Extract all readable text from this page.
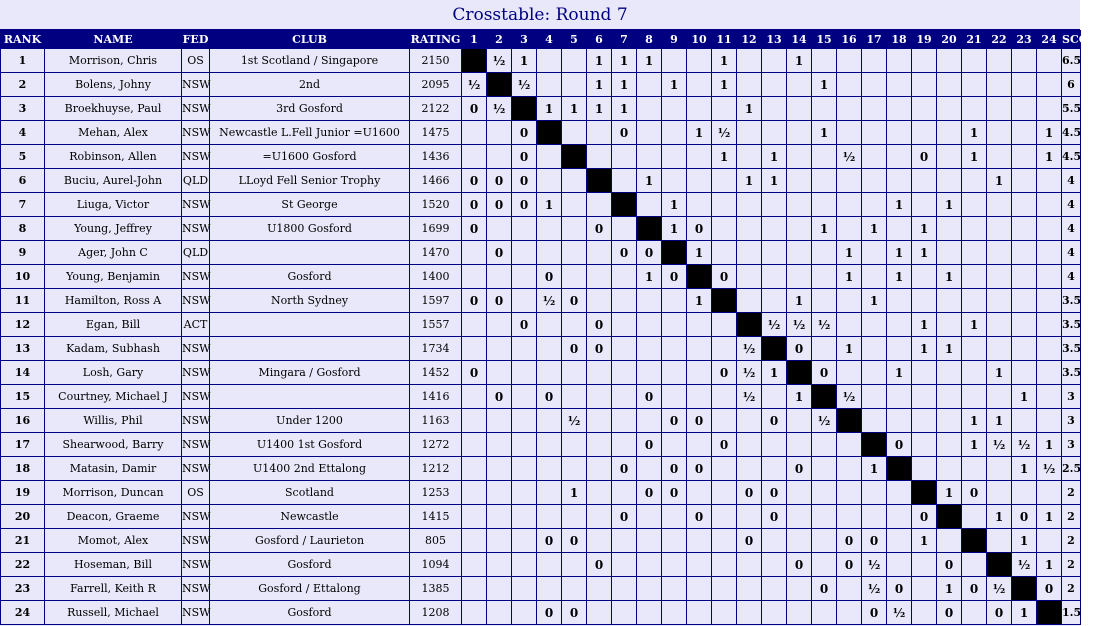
Crosstable: Round 7
RANK	NAME	FED	CLUB	RATING	1	2	3	4	5	6	7	8	9	10	11	12	13	14	15	16	17	18	19	20	21	22	23	24	SCORE
1	Morrison, Chris	OS	1st Scotland / Singapore	2150		½	1			1	1	1			1			1											6.5
2	Bolens, Johny	NSW	2nd	2095	½		½			1	1		1		1				1										6
3	Broekhuyse, Paul	NSW	3rd Gosford	2122	0	½		1	1	1	1					1													5.5
4	Mehan, Alex	NSW	Newcastle L.Fell Junior =U1600	1475			0				0			1	½				1						1			1	4.5
5	Robinson, Allen	NSW	=U1600 Gosford	1436			0								1		1			½			0		1			1	4.5
6	Buciu, Aurel-John	QLD	LLoyd Fell Senior Trophy	1466	0	0	0					1				1	1									1			4
7	Liuga, Victor	NSW	St George	1520	0	0	0	1					1									1		1					4
8	Young, Jeffrey	NSW	U1800 Gosford	1699	0					0			1	0					1		1		1						4
9	Ager, John C	QLD		1470		0					0	0		1						1		1	1						4
10	Young, Benjamin	NSW	Gosford	1400				0				1	0		0					1		1		1					4
11	Hamilton, Ross A	NSW	North Sydney	1597	0	0		½	0					1				1			1								3.5
12	Egan, Bill	ACT		1557			0			0							½	½	½				1		1				3.5
13	Kadam, Subhash	NSW		1734					0	0						½		0		1			1	1					3.5
14	Losh, Gary	NSW	Mingara / Gosford	1452	0										0	½	1		0			1				1			3.5
15	Courtney, Michael J	NSW		1416		0		0				0				½		1		½							1		3
16	Willis, Phil	NSW	Under 1200	1163					½				0	0			0		½						1	1			3
17	Shearwood, Barry	NSW	U1400 1st Gosford	1272								0			0							0			1	½	½	1	3
18	Matasin, Damir	NSW	U1400 2nd Ettalong	1212							0		0	0				0			1						1	½	2.5
19	Morrison, Duncan	OS	Scotland	1253					1			0	0			0	0							1	0				2
20	Deacon, Graeme	NSW	Newcastle	1415							0			0			0						0			1	0	1	2
21	Momot, Alex	NSW	Gosford / Laurieton	805				0	0							0				0	0		1				1		2
22	Hoseman, Bill	NSW	Gosford	1094						0								0		0	½			0			½	1	2
23	Farrell, Keith R	NSW	Gosford / Ettalong	1385															0		½	0		1	0	½		0	2
24	Russell, Michael	NSW	Gosford	1208				0	0												0	½		0		0	1		1.5
